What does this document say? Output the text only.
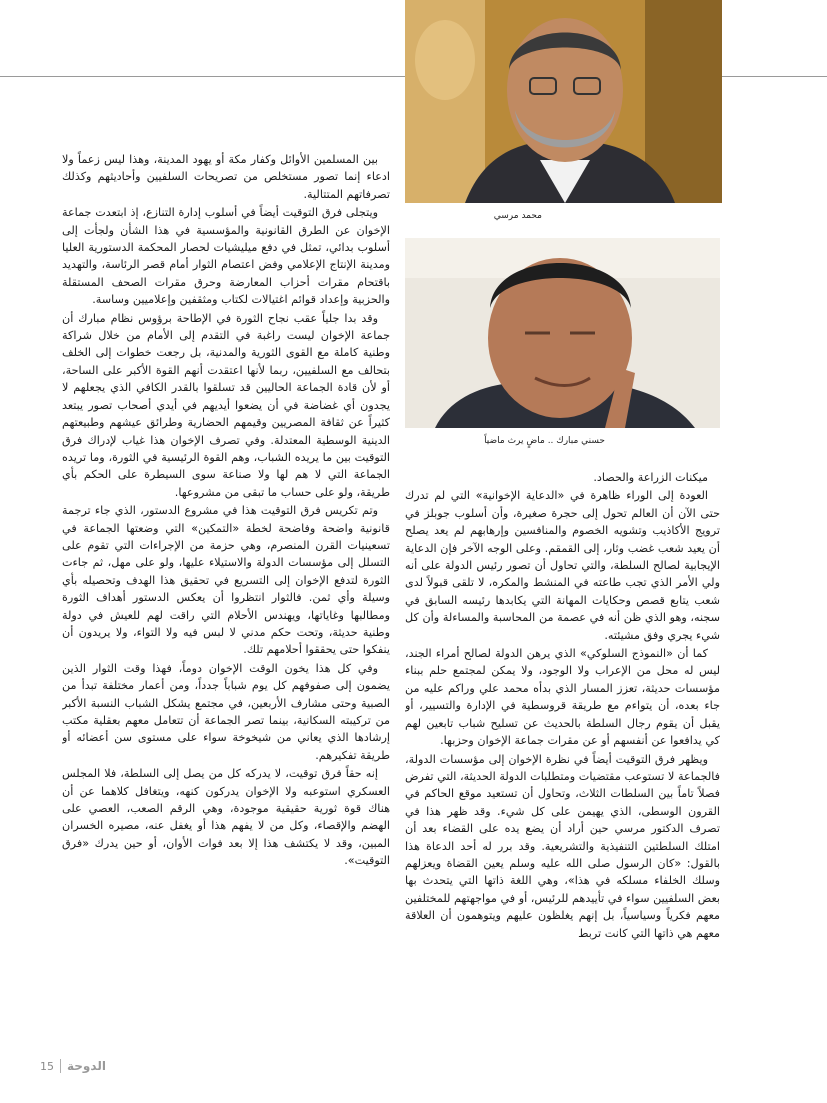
محمد مرسي
حسني مبارك .. ماضٍ يرث ماضياً

بين المسلمين الأوائل وكفار مكة أو يهود المدينة، وهذا ليس زعماً ولا ادعاء إنما تصور مستخلص من تصريحات السلفيين وأحاديثهم وكذلك تصرفاتهم المتتالية.

ويتجلى فرق التوقيت أيضاً في أسلوب إدارة التنازع، إذ ابتعدت جماعة الإخوان عن الطرق القانونية والمؤسسية في هذا الشأن ولجأت إلى أسلوب بدائي، تمثل في دفع ميليشيات لحصار المحكمة الدستورية العليا ومدينة الإنتاج الإعلامي وفض اعتصام الثوار أمام قصر الرئاسة، والتهديد باقتحام مقرات أحزاب المعارضة وحرق مقرات الصحف المستقلة والحزبية وإعداد قوائم اغتيالات لكتاب ومثقفين وإعلاميين وساسة.

وقد بدا جلياً عقب نجاح الثورة في الإطاحة برؤوس نظام مبارك أن جماعة الإخوان ليست راغبة في التقدم إلى الأمام من خلال شراكة وطنية كاملة مع القوى الثورية والمدنية، بل رجعت خطوات إلى الخلف بتحالف مع السلفيين، ربما لأنها اعتقدت أنهم القوة الأكبر على الساحة، أو لأن قادة الجماعة الحاليين قد تسلقوا بالقدر الكافي الذي يجعلهم لا يجدون أي غضاضة في أن يضعوا أيديهم في أيدي أصحاب تصور يبتعد كثيراً عن ثقافة المصريين وقيمهم الحضارية وطرائق عيشهم وطبيعتهم الدينية الوسطية المعتدلة. وفي تصرف الإخوان هذا غياب لإدراك فرق التوقيت بين ما يريده الشباب، وهم القوة الرئيسية في الثورة، وما تريده الجماعة التي لا هم لها ولا صناعة سوى السيطرة على الحكم بأي طريقة، ولو على حساب ما تبقى من مشروعها.

وتم تكريس فرق التوقيت هذا في مشروع الدستور، الذي جاء ترجمة قانونية واضحة وفاضحة لخطة «التمكين» التي وضعتها الجماعة في تسعينيات القرن المنصرم، وهي حزمة من الإجراءات التي تقوم على التسلل إلى مؤسسات الدولة والاستيلاء عليها، ولو على مهل، ثم جاءت الثورة لتدفع الإخوان إلى التسريع في تحقيق هذا الهدف وتحصيله بأي وسيلة وأي ثمن. فالثوار انتظروا أن يعكس الدستور أهداف الثورة ومطالبها وغاياتها، ويهندس الأحلام التي راقت لهم للعيش في دولة وطنية حديثة، وتحت حكم مدني لا لبس فيه ولا التواء، ولا يريدون أن ينفكوا حتى يحققوا أحلامهم تلك.

وفي كل هذا يخون الوقت الإخوان دوماً، فهذا وقت الثوار الذين يضمون إلى صفوفهم كل يوم شباباً جدداً، ومن أعمار مختلفة تبدأ من الصبية وحتى مشارف الأربعين، في مجتمع يشكل الشباب النسبة الأكبر من تركيبته السكانية، بينما تصر الجماعة أن تتعامل معهم بعقلية مكتب إرشادها الذي يعاني من شيخوخة سواء على مستوى سن أعضائه أو طريقة تفكيرهم.

إنه حقاً فرق توقيت، لا يدركه كل من يصل إلى السلطة، فلا المجلس العسكري استوعبه ولا الإخوان يدركون كنهه، ويتغافل كلاهما عن أن هناك قوة ثورية حقيقية موجودة، وهي الرقم الصعب، العصي على الهضم والإقصاء، وكل من لا يفهم هذا أو يغفل عنه، مصيره الخسران المبين، وقد لا يكتشف هذا إلا بعد فوات الأوان، أو حين يدرك «فرق التوقيت».

ميكنات الزراعة والحصاد.

العودة إلى الوراء ظاهرة في «الدعاية الإخوانية» التي لم تدرك حتى الآن أن العالم تحول إلى حجرة صغيرة، وأن أسلوب جوبلز في ترويج الأكاذيب وتشويه الخصوم والمنافسين وإرهابهم لم يعد يصلح أن يعيد شعب غضب وثار، إلى القمقم. وعلى الوجه الآخر فإن الدعاية الإيجابية لصالح السلطة، والتي تحاول أن تصور رئيس الدولة على أنه ولي الأمر الذي تجب طاعته في المنشط والمكره، لا تلقى قبولاً لدى شعب يتابع قصص وحكايات المهانة التي يكابدها رئيسه السابق في سجنه، وهو الذي ظن أنه في عصمة من المحاسبة والمساءلة وأن كل شيء يجري وفق مشيئته.

كما أن «النموذج السلوكي» الذي يرهن الدولة لصالح أمراء الجند، ليس له محل من الإعراب ولا الوجود، ولا يمكن لمجتمع حلم ببناء مؤسسات حديثة، تعزز المسار الذي بدأه محمد علي وراكم عليه من جاء بعده، أن يتواءم مع طريقة قروسطية في الإدارة والتسيير، أو يقبل أن يقوم رجال السلطة بالحديث عن تسليح شباب تابعين لهم كي يدافعوا عن أنفسهم أو عن مقرات جماعة الإخوان وحزبها.

ويظهر فرق التوقيت أيضاً في نظرة الإخوان إلى مؤسسات الدولة، فالجماعة لا تستوعب مقتضيات ومتطلبات الدولة الحديثة، التي تفرض فصلاً تاماً بين السلطات الثلاث، وتحاول أن تستعيد موقع الحاكم في القرون الوسطى، الذي يهيمن على كل شيء. وقد ظهر هذا في تصرف الدكتور مرسي حين أراد أن يضع يده على القضاء بعد أن امتلك السلطتين التنفيذية والتشريعية. وقد برر له أحد الدعاة هذا بالقول: «كان الرسول صلى الله عليه وسلم يعين القضاة ويعزلهم وسلك الخلفاء مسلكه في هذا»، وهي اللغة ذاتها التي يتحدث بها بعض السلفيين سواء في تأييدهم للرئيس، أو في مواجهتهم للمختلفين معهم فكرياً وسياسياً، بل إنهم يغلظون عليهم ويتوهمون أن العلاقة معهم هي ذاتها التي كانت تربط

15 الدوحة
